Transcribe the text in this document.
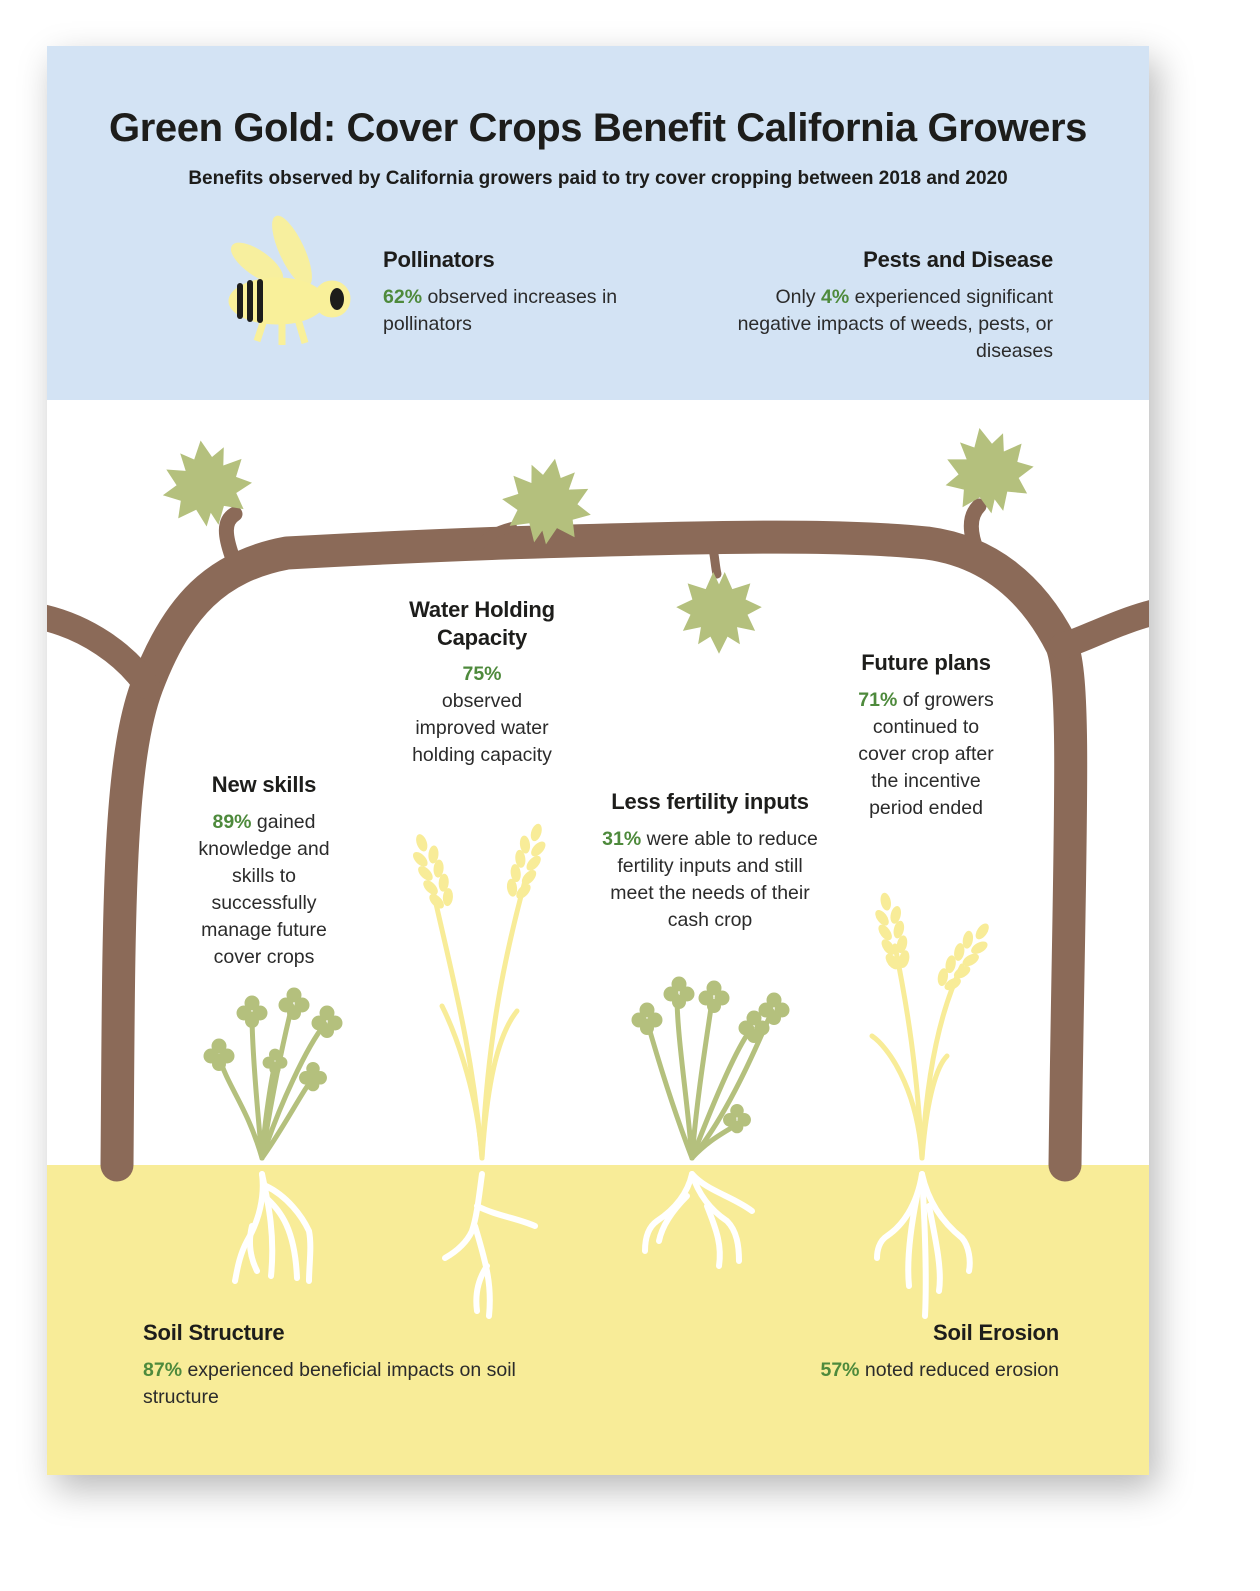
Green Gold: Cover Crops Benefit California Growers
Benefits observed by California growers paid to try cover cropping between 2018 and 2020
Pollinators

62% observed increases in pollinators

Pests and Disease

Only 4% experienced significant negative impacts of weeds, pests, or diseases

Water Holding Capacity

75%
observed improved water holding capacity

New skills

89% gained knowledge and skills to successfully manage future cover crops

Less fertility inputs

31% were able to reduce fertility inputs and still meet the needs of their cash crop

Future plans

71% of growers continued to cover crop after the incentive period ended

Soil Structure

87% experienced beneficial impacts on soil structure

Soil Erosion

57% noted reduced erosion
